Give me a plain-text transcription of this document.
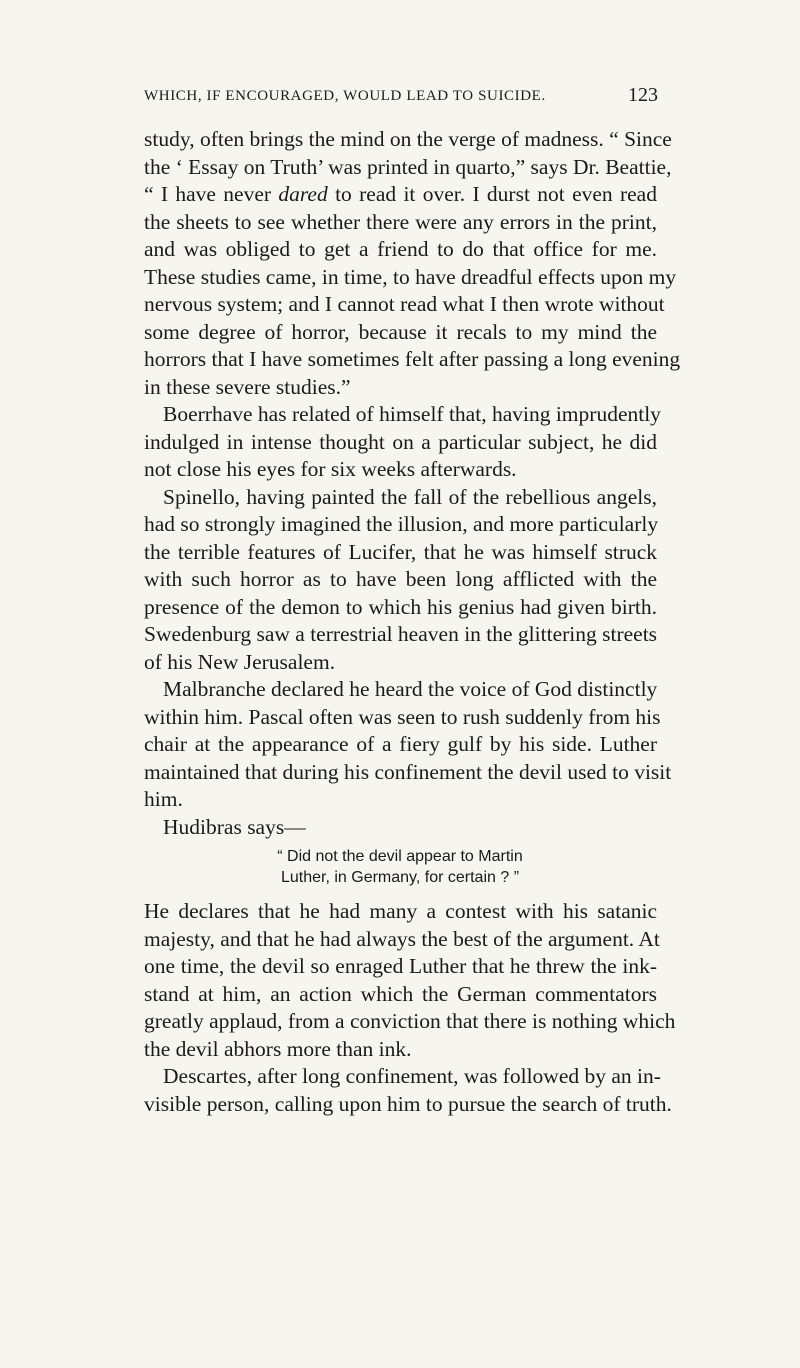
WHICH, IF ENCOURAGED, WOULD LEAD TO SUICIDE.	123
study, often brings the mind on the verge of madness. “ Since
the ‘ Essay on Truth’ was printed in quarto,” says Dr. Beattie,
“ I have never dared to read it over. I durst not even read
the sheets to see whether there were any errors in the print,
and was obliged to get a friend to do that office for me.
These studies came, in time, to have dreadful effects upon my
nervous system; and I cannot read what I then wrote without
some degree of horror, because it recals to my mind the
horrors that I have sometimes felt after passing a long evening
in these severe studies.”
Boerrhave has related of himself that, having imprudently
indulged in intense thought on a particular subject, he did
not close his eyes for six weeks afterwards.
Spinello, having painted the fall of the rebellious angels,
had so strongly imagined the illusion, and more particularly
the terrible features of Lucifer, that he was himself struck
with such horror as to have been long afflicted with the
presence of the demon to which his genius had given birth.
Swedenburg saw a terrestrial heaven in the glittering streets
of his New Jerusalem.
Malbranche declared he heard the voice of God distinctly
within him. Pascal often was seen to rush suddenly from his
chair at the appearance of a fiery gulf by his side. Luther
maintained that during his confinement the devil used to visit
him.
Hudibras says—
“ Did not the devil appear to Martin
Luther, in Germany, for certain ? ”
He declares that he had many a contest with his satanic
majesty, and that he had always the best of the argument. At
one time, the devil so enraged Luther that he threw the ink-
stand at him, an action which the German commentators
greatly applaud, from a conviction that there is nothing which
the devil abhors more than ink.
Descartes, after long confinement, was followed by an in-
visible person, calling upon him to pursue the search of truth.
